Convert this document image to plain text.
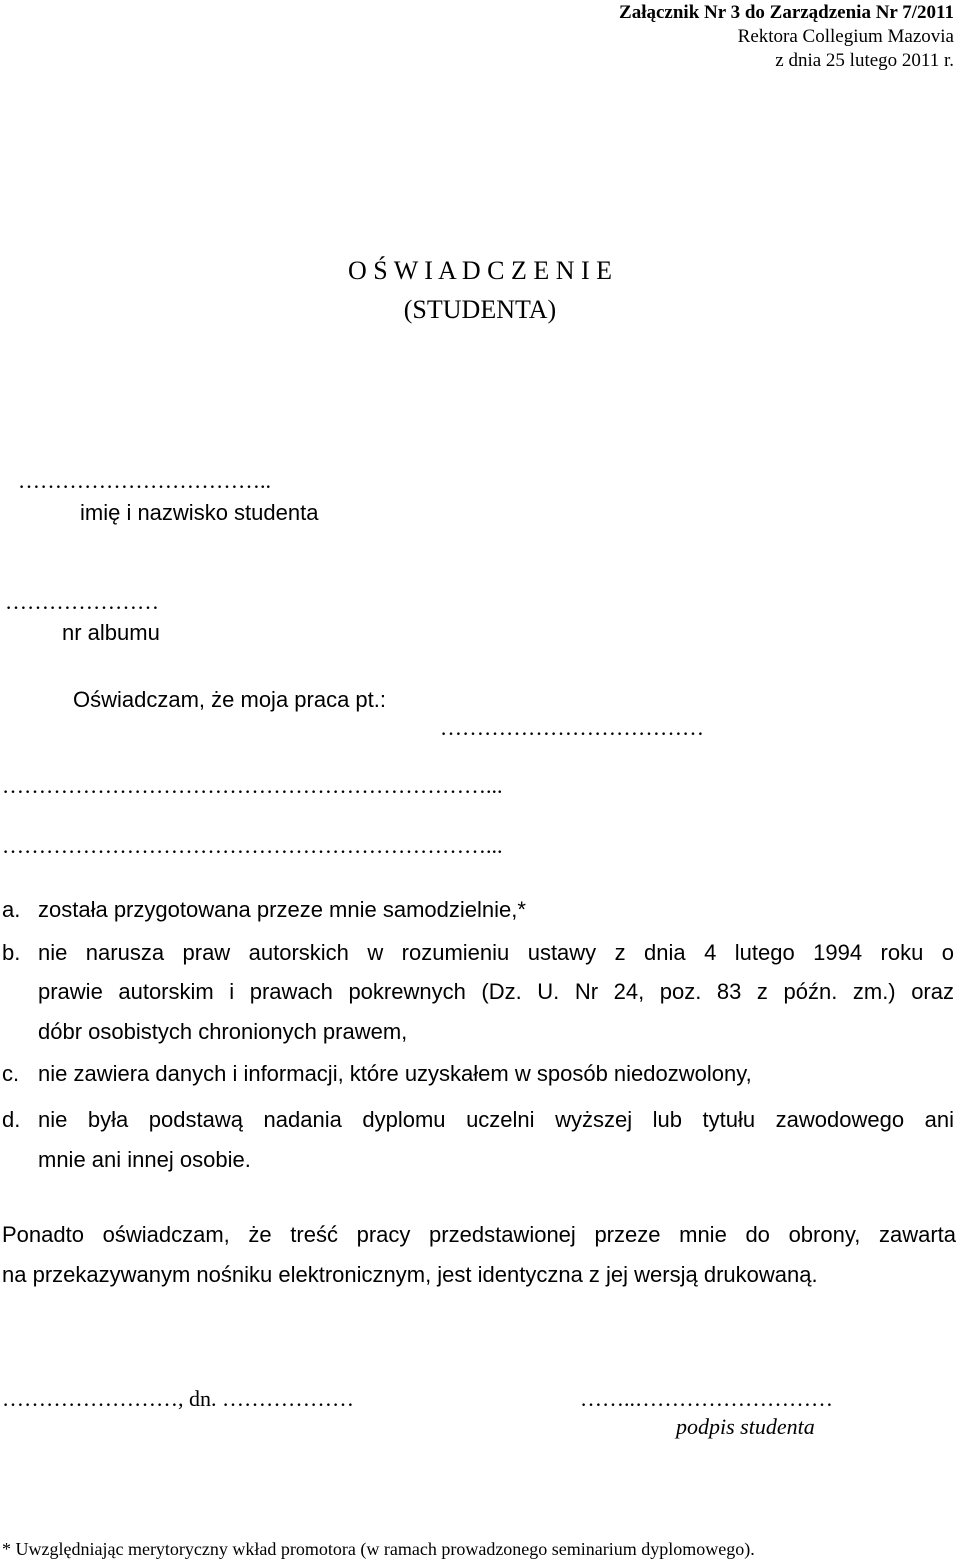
Załącznik Nr 3 do Zarządzenia Nr 7/2011
Rektora Collegium Mazovia
z dnia 25 lutego 2011 r.
O Ś W I A D C Z E N I E
(STUDENTA)
……………………………..
imię i nazwisko studenta
…………………
nr albumu
Oświadczam, że moja praca pt.:
………………………………
…………………………………………………………...
…………………………………………………………...
a. została przygotowana przeze mnie samodzielnie,*
b. nie narusza praw autorskich w rozumieniu ustawy z dnia 4 lutego 1994 roku o
prawie autorskim i prawach pokrewnych (Dz. U. Nr 24, poz. 83 z późn. zm.) oraz
dóbr osobistych chronionych prawem,
c. nie zawiera danych i informacji, które uzyskałem w sposób niedozwolony,
d. nie była podstawą nadania dyplomu uczelni wyższej lub tytułu zawodowego ani
mnie ani innej osobie.
Ponadto oświadczam, że treść pracy przedstawionej przeze mnie do obrony, zawarta
na przekazywanym nośniku elektronicznym, jest identyczna z jej wersją drukowaną.
……………………, dn. ………………	……..………………………
podpis studenta
* Uwzględniając merytoryczny wkład promotora (w ramach prowadzonego seminarium dyplomowego).
